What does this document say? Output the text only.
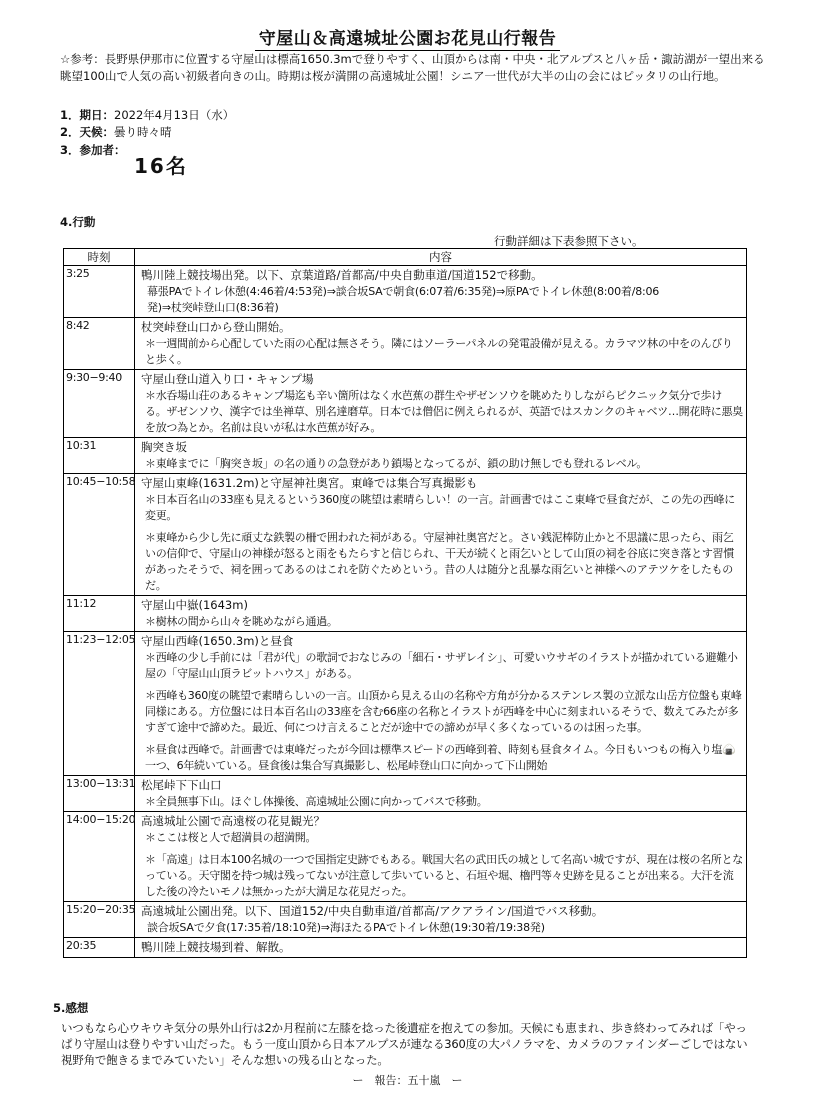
守屋山＆高遠城址公園お花見山行報告
☆参考：長野県伊那市に位置する守屋山は標高1650.3mで登りやすく、山頂からは南・中央・北アルプスと八ヶ岳・諏訪湖が一望出来る眺望100山で人気の高い初級者向きの山。時期は桜が満開の高遠城址公園！シニア一世代が大半の山の会にはピッタリの山行地。
1．期日：2022年4月13日（水）
2．天候：曇り時々晴
3．参加者：
16名
4.行動
行動詳細は下表参照下さい。
時刻	内容
3:25	鴨川陸上競技場出発。以下、京葉道路/首都高/中央自動車道/国道152で移動。
幕張PAでトイレ休憩(4:46着/4:53発)⇒談合坂SAで朝食(6:07着/6:35発)⇒原PAでトイレ休憩(8:00着/8:06
発)⇒杖突峠登山口(8:36着)

8:42	杖突峠登山口から登山開始。
＊一週間前から心配していた雨の心配は無さそう。隣にはソーラーパネルの発電設備が見える。カラマツ林の中をのんびりと歩く。

9:30−9:40	守屋山登山道入り口・キャンプ場
＊水呑場山荘のあるキャンプ場迄も辛い箇所はなく水芭蕉の群生やザゼンソウを眺めたりしながらピクニック気分で歩ける。ザゼンソウ、漢字では坐禅草、別名達磨草。日本では僧侶に例えられるが、英語ではスカンクのキャベツ…開花時に悪臭を放つ為とか。名前は良いが私は水芭蕉が好み。

10:31	胸突き坂
＊東峰までに「胸突き坂」の名の通りの急登があり鎖場となってるが、鎖の助け無しでも登れるレベル。

10:45−10:58	守屋山東峰(1631.2m)と守屋神社奥宮。東峰では集合写真撮影も
＊日本百名山の33座も見えるという360度の眺望は素晴らしい！の一言。計画書ではここ東峰で昼食だが、この先の西峰に変更。
＊東峰から少し先に頑丈な鉄製の柵で囲われた祠がある。守屋神社奥宮だと。さい銭泥棒防止かと不思議に思ったら、雨乞いの信仰で、守屋山の神様が怒ると雨をもたらすと信じられ、干天が続くと雨乞いとして山頂の祠を谷底に突き落とす習慣があったそうで、祠を囲ってあるのはこれを防ぐためという。昔の人は随分と乱暴な雨乞いと神様へのアテツケをしたものだ。

11:12	守屋山中嶽(1643m)
＊樹林の間から山々を眺めながら通過。

11:23−12:05	守屋山西峰(1650.3m)と昼食
＊西峰の少し手前には「君が代」の歌詞でおなじみの「細石・サザレイシ」、可愛いウサギのイラストが描かれている避難小屋の「守屋山山頂ラビットハウス」がある。
＊西峰も360度の眺望で素晴らしいの一言。山頂から見える山の名称や方角が分かるステンレス製の立派な山岳方位盤も東峰同様にある。方位盤には日本百名山の33座を含む66座の名称とイラストが西峰を中心に刻まれいるそうで、数えてみたが多すぎて途中で諦めた。最近、何につけ言えることだが途中での諦めが早く多くなっているのは困った事。
＊昼食は西峰で。計画書では東峰だったが今回は標準スピードの西峰到着、時刻も昼食タイム。今日もいつもの梅入り塩🍙一つ、6年続いている。昼食後は集合写真撮影し、松尾峠登山口に向かって下山開始

13:00−13:31	松尾峠下下山口
＊全員無事下山。ほぐし体操後、高遠城址公園に向かってバスで移動。

14:00−15:20	高遠城址公園で高遠桜の花見観光？
＊ここは桜と人で超満員の超満開。
＊「高遠」は日本100名城の一つで国指定史跡でもある。戦国大名の武田氏の城として名高い城ですが、現在は桜の名所となっている。天守閣を持つ城は残ってないが注意して歩いていると、石垣や堀、櫓門等々史跡を見ることが出来る。大汗を流した後の冷たいモノは無かったが大満足な花見だった。

15:20−20:35	高遠城址公園出発。以下、国道152/中央自動車道/首都高/アクアライン/国道でバス移動。
談合坂SAで夕食(17:35着/18:10発)⇒海ほたるPAでトイレ休憩(19:30着/19:38発)

20:35	鴨川陸上競技場到着、解散。
5.感想
いつもなら心ウキウキ気分の県外山行は2か月程前に左膝を捻った後遺症を抱えての参加。天候にも恵まれ、歩き終わってみれば「やっぱり守屋山は登りやすい山だった。もう一度山頂から日本アルプスが連なる360度の大パノラマを、カメラのファインダーごしではない視野角で飽きるまでみていたい」そんな想いの残る山となった。
ー　報告：五十嵐　ー
